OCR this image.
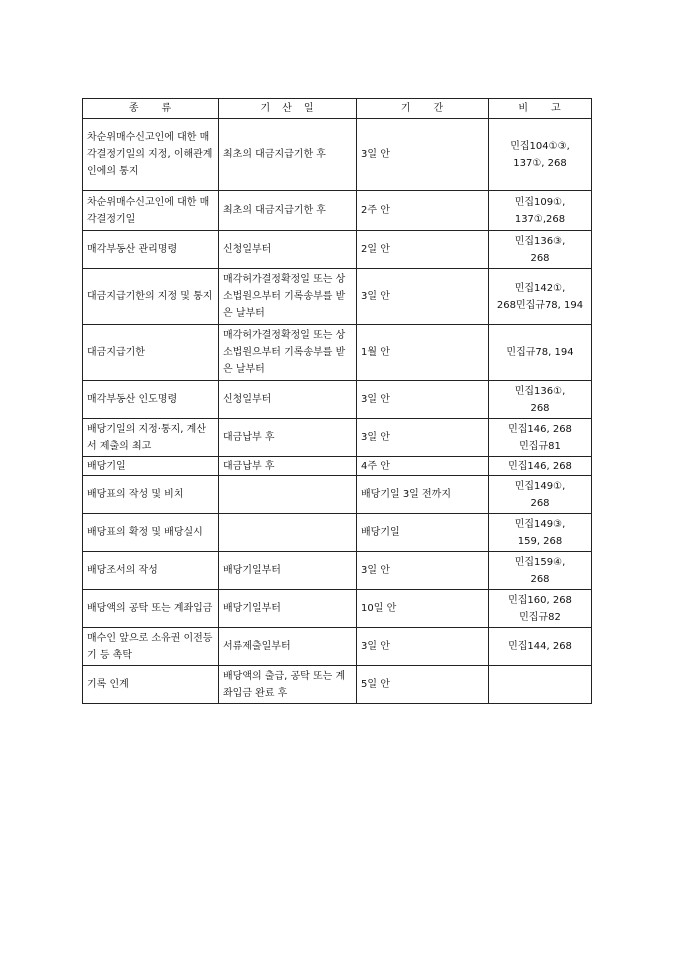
종　　류	기　산　일	기　　간	비　　고

차순위매수신고인에 대한 매각결정기일의 지정, 이해관계인에의 통지	최초의 대금지급기한 후	3일 안	민집104①③,
137①, 268

차순위매수신고인에 대한 매각결정기일	최초의 대금지급기한 후	2주 안	민집109①,
137①,268

매각부동산 관리명령	신청일부터	2일 안	민집136③,
268

대금지급기한의 지정 및 통지	매각허가결정확정일 또는 상소법원으부터 기록송부를 받은 날부터	3일 안	민집142①,
268민집규78, 194

대금지급기한	매각허가결정확정일 또는 상소법원으부터 기록송부를 받은 날부터	1월 안	민집규78, 194

매각부동산 인도명령	신청일부터	3일 안	민집136①,
268

배당기일의 지정·통지, 계산서 제출의 최고	대금납부 후	3일 안	민집146, 268
민집규81

배당기일	대금납부 후	4주 안	민집146, 268

배당표의 작성 및 비치		배당기일 3일 전까지	민집149①,
268

배당표의 확정 및 배당실시		배당기일	민집149③,
159, 268

배당조서의 작성	배당기일부터	3일 안	민집159④,
268

배당액의 공탁 또는 계좌입금	배당기일부터	10일 안	민집160, 268
민집규82

매수인 앞으로 소유권 이전등기 등 촉탁	서류제출일부터	3일 안	민집144, 268

기록 인계	배당액의 출급, 공탁 또는 계좌입금 완료 후	5일 안	
